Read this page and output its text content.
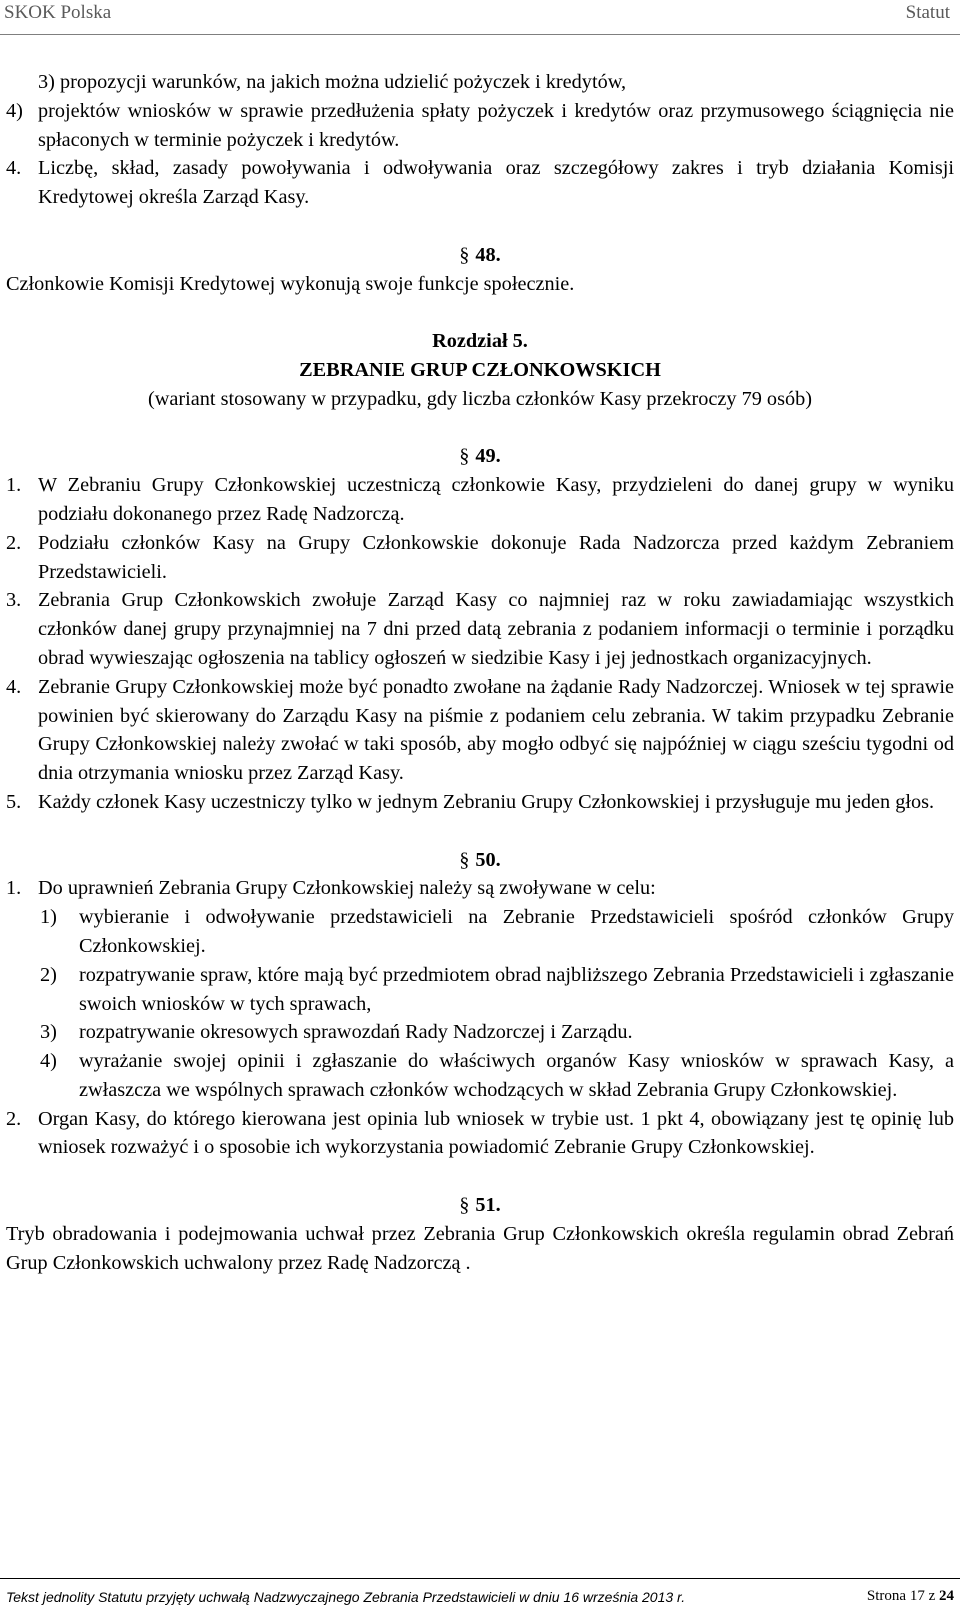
SKOK Polska	Statut
3) propozycji warunków, na jakich można udzielić pożyczek i kredytów,
4) projektów wniosków w sprawie przedłużenia spłaty pożyczek i kredytów oraz przymusowego ściągnięcia nie spłaconych w terminie pożyczek i kredytów.
4. Liczbę, skład, zasady powoływania i odwoływania oraz szczegółowy zakres i tryb działania Komisji Kredytowej określa Zarząd Kasy.
§ 48.
Członkowie Komisji Kredytowej wykonują swoje funkcje społecznie.
Rozdział 5.
ZEBRANIE GRUP CZŁONKOWSKICH
(wariant stosowany w przypadku, gdy liczba członków Kasy przekroczy 79 osób)
§ 49.
1. W Zebraniu Grupy Członkowskiej uczestniczą członkowie Kasy, przydzieleni do danej grupy w wyniku podziału dokonanego przez Radę Nadzorczą.
2. Podziału członków Kasy na Grupy Członkowskie dokonuje Rada Nadzorcza przed każdym Zebraniem Przedstawicieli.
3. Zebrania Grup Członkowskich zwołuje Zarząd Kasy co najmniej raz w roku zawiadamiając wszystkich członków danej grupy przynajmniej na 7 dni przed datą zebrania z podaniem informacji o terminie i porządku obrad wywieszając ogłoszenia na tablicy ogłoszeń w siedzibie Kasy i jej jednostkach organizacyjnych.
4. Zebranie Grupy Członkowskiej może być ponadto zwołane na żądanie Rady Nadzorczej. Wniosek w tej sprawie powinien być skierowany do Zarządu Kasy na piśmie z podaniem celu zebrania. W takim przypadku Zebranie Grupy Członkowskiej należy zwołać w taki sposób, aby mogło odbyć się najpóźniej w ciągu sześciu tygodni od dnia otrzymania wniosku przez Zarząd Kasy.
5. Każdy członek Kasy uczestniczy tylko w jednym Zebraniu Grupy Członkowskiej i przysługuje mu jeden głos.
§ 50.
1. Do uprawnień Zebrania Grupy Członkowskiej należy są zwoływane w celu:
1) wybieranie i odwoływanie przedstawicieli na Zebranie Przedstawicieli spośród członków Grupy Członkowskiej.
2) rozpatrywanie spraw, które mają być przedmiotem obrad najbliższego Zebrania Przedstawicieli i zgłaszanie swoich wniosków w tych sprawach,
3) rozpatrywanie okresowych sprawozdań Rady Nadzorczej i Zarządu.
4) wyrażanie swojej opinii i zgłaszanie do właściwych organów Kasy wniosków w sprawach Kasy, a zwłaszcza we wspólnych sprawach członków wchodzących w skład Zebrania Grupy Członkowskiej.
2. Organ Kasy, do którego kierowana jest opinia lub wniosek w trybie ust. 1 pkt 4, obowiązany jest tę opinię lub wniosek rozważyć i o sposobie ich wykorzystania powiadomić Zebranie Grupy Członkowskiej.
§ 51.
Tryb obradowania i podejmowania uchwał przez Zebrania Grup Członkowskich określa regulamin obrad Zebrań Grup Członkowskich uchwalony przez Radę Nadzorczą .
Tekst jednolity Statutu przyjęty uchwałą Nadzwyczajnego Zebrania Przedstawicieli w dniu 16 września 2013 r.	Strona 17 z 24
